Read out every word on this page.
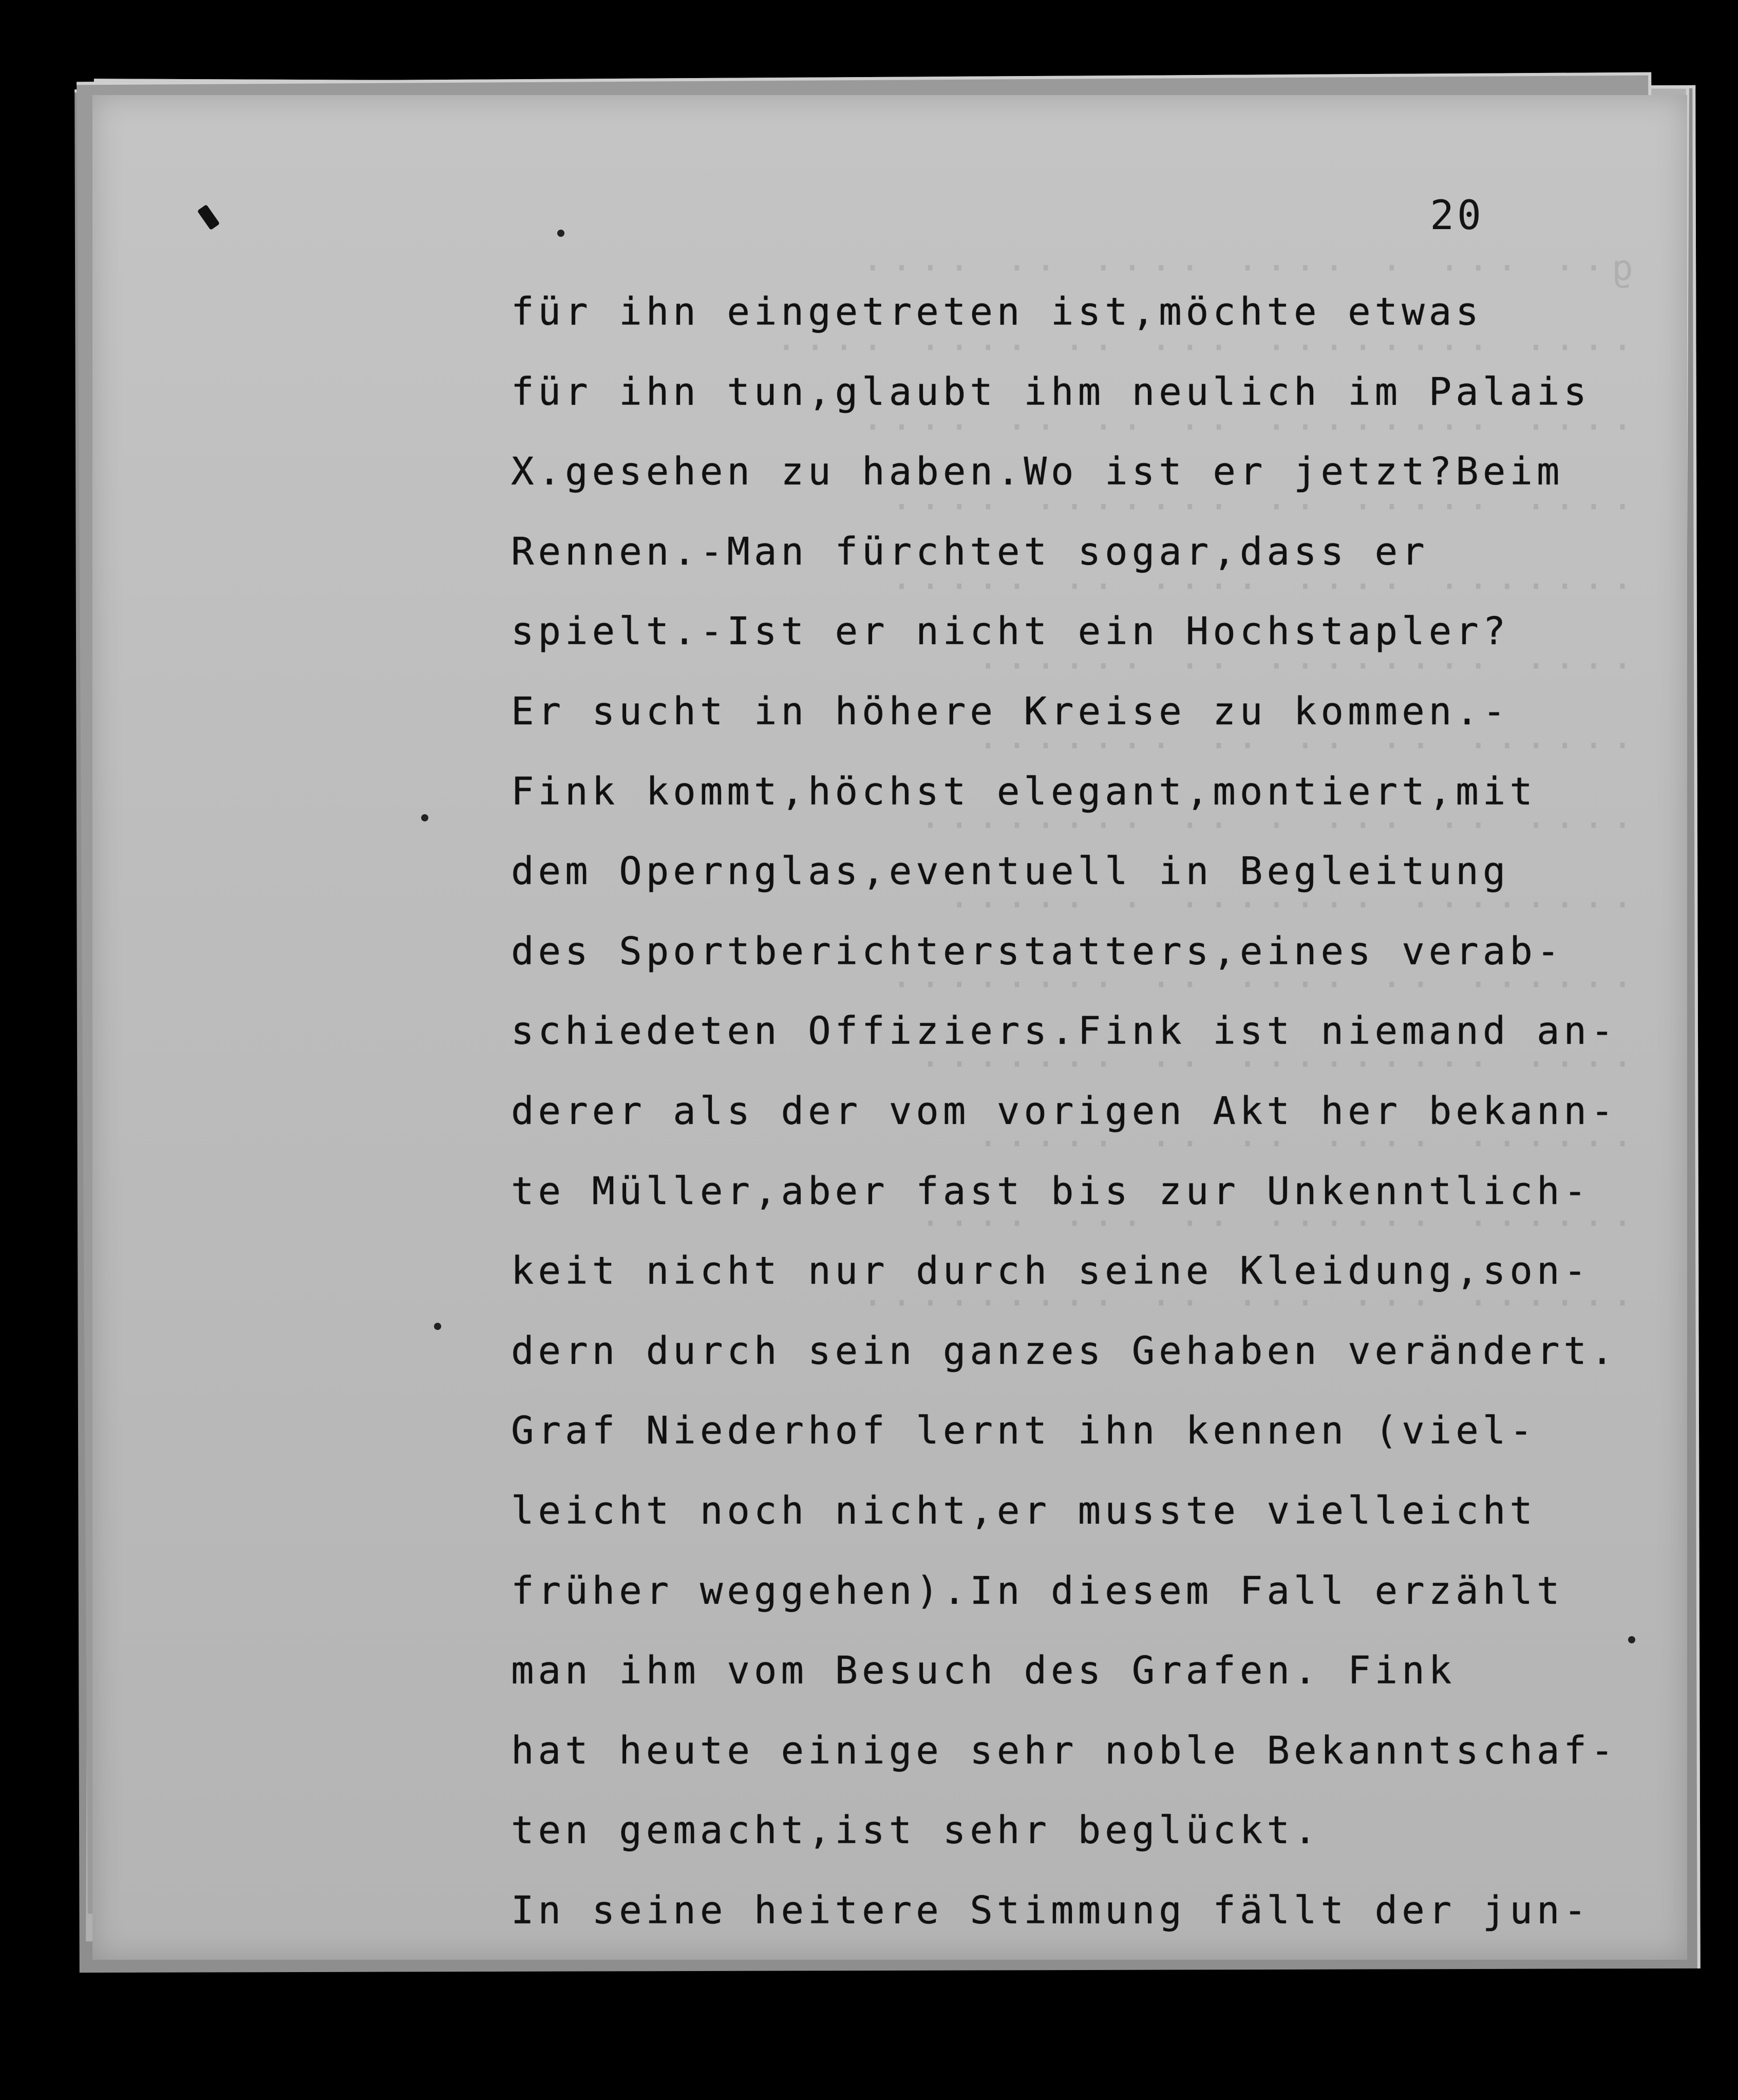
g·· ··· · ···· ···· ·· ····
···· ········ ··· ·· ···· ····
···· ········ ·· ·· ·· ····
···· ····· ·· ······· ····
······· ···· ···· ·· ·····
···· ········ ·· ······
······ ·· ·· ·· ·······
···· ·· ··· · ·· ········
········ ······· · ·····
······ ·· ···· ·· ········
···· ········· ·· ·······
······ ···· ·· ·· ·····
······ ······ ·· ··· ····
······ ··· ··· ·· ·········
20
für ihn eingetreten ist,möchte etwas
für ihn tun,glaubt ihm neulich im Palais
X.gesehen zu haben.Wo ist er jetzt?Beim
Rennen.-Man fürchtet sogar,dass er
spielt.-Ist er nicht ein Hochstapler?
Er sucht in höhere Kreise zu kommen.-
Fink kommt,höchst elegant,montiert,mit
dem Opernglas,eventuell in Begleitung
des Sportberichterstatters,eines verab-
schiedeten Offiziers.Fink ist niemand an-
derer als der vom vorigen Akt her bekann-
te Müller,aber fast bis zur Unkenntlich-
keit nicht nur durch seine Kleidung,son-
dern durch sein ganzes Gehaben verändert.
Graf Niederhof lernt ihn kennen (viel-
leicht noch nicht,er musste vielleicht
früher weggehen).In diesem Fall erzählt
man ihm vom Besuch des Grafen. Fink
hat heute einige sehr noble Bekanntschaf-
ten gemacht,ist sehr beglückt.
In seine heitere Stimmung fällt der jun-
